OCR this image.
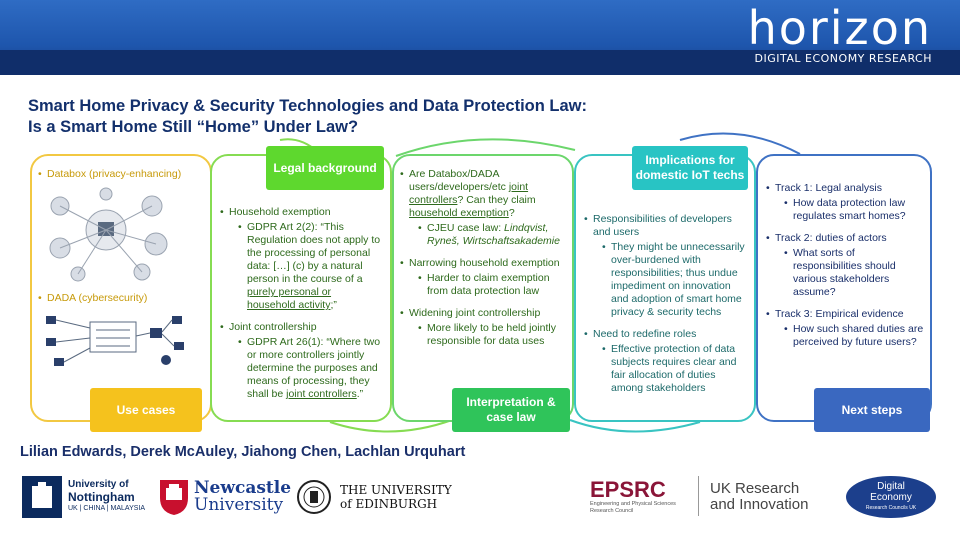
horizon
DIGITAL ECONOMY RESEARCH
Smart Home Privacy & Security Technologies and Data Protection Law:
Is a Smart Home Still “Home” Under Law?
• Databox (privacy-enhancing)
• DADA (cybersecurity)
• Household exemption
• GDPR Art 2(2): “This Regulation does not apply to the processing of personal data: […] (c) by a natural person in the course of a purely personal or household activity;”
• Joint controllership
• GDPR Art 26(1): “Where two or more controllers jointly determine the purposes and means of processing, they shall be joint controllers.”
• Are Databox/DADA users/developers/etc joint controllers? Can they claim household exemption?
• CJEU case law: Lindqvist, Ryneš, Wirtschaftsakademie
• Narrowing household exemption
• Harder to claim exemption from data protection law
• Widening joint controllership
• More likely to be held jointly responsible for data uses
• Responsibilities of developers and users
• They might be unnecessarily over-burdened with responsibilities; thus undue impediment on innovation and adoption of smart home privacy & security techs
• Need to redefine roles
• Effective protection of data subjects requires clear and fair allocation of duties among stakeholders
• Track 1: Legal analysis
• How data protection law regulates smart homes?
• Track 2: duties of actors
• What sorts of responsibilities should various stakeholders assume?
• Track 3: Empirical evidence
• How such shared duties are perceived by future users?
Use cases
Legal background
Interpretation & case law
Implications for domestic IoT techs
Next steps
Lilian Edwards, Derek McAuley, Jiahong Chen, Lachlan Urquhart
University of
Nottingham
UK | CHINA | MALAYSIA
Newcastle
University
THE UNIVERSITY
of EDINBURGH
EPSRC
Engineering and Physical Sciences
Research Council
UK Research
and Innovation
Digital
Economy
Research Councils UK
